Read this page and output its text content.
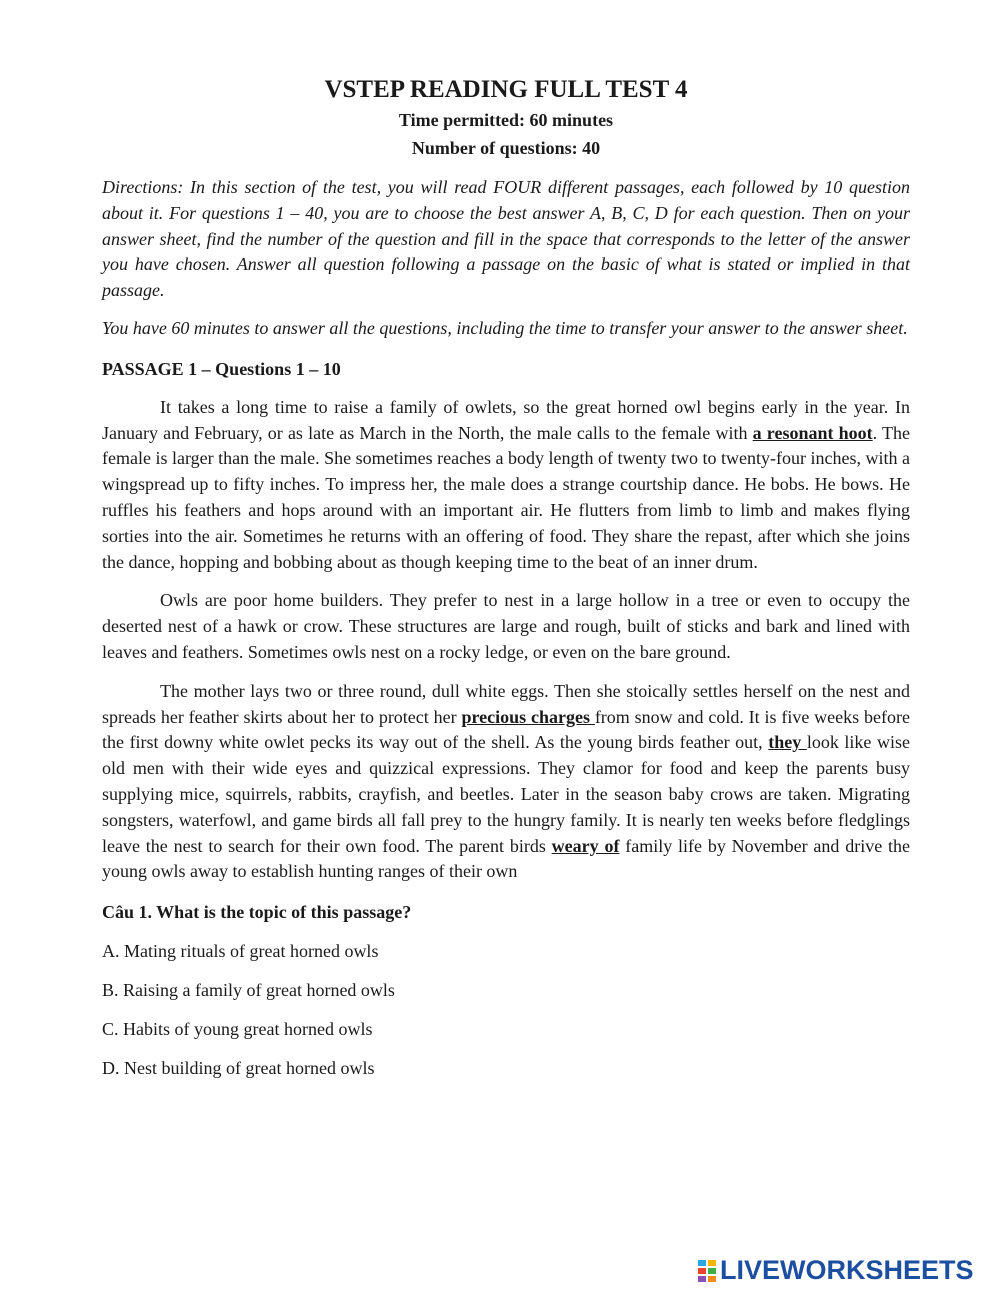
VSTEP READING FULL TEST 4

Time permitted: 60 minutes

Number of questions: 40

Directions: In this section of the test, you will read FOUR different passages, each followed by 10 question about it. For questions 1 – 40, you are to choose the best answer A, B, C, D for each question. Then on your answer sheet, find the number of the question and fill in the space that corresponds to the letter of the answer you have chosen. Answer all question following a passage on the basic of what is stated or implied in that passage.

You have 60 minutes to answer all the questions, including the time to transfer your answer to the answer sheet.

PASSAGE 1 – Questions 1 – 10

It takes a long time to raise a family of owlets, so the great horned owl begins early in the year. In January and February, or as late as March in the North, the male calls to the female with a resonant hoot. The female is larger than the male. She sometimes reaches a body length of twenty two to twenty-four inches, with a wingspread up to fifty inches. To impress her, the male does a strange courtship dance. He bobs. He bows. He ruffles his feathers and hops around with an important air. He flutters from limb to limb and makes flying sorties into the air. Sometimes he returns with an offering of food. They share the repast, after which she joins the dance, hopping and bobbing about as though keeping time to the beat of an inner drum.

Owls are poor home builders. They prefer to nest in a large hollow in a tree or even to occupy the deserted nest of a hawk or crow. These structures are large and rough, built of sticks and bark and lined with leaves and feathers. Sometimes owls nest on a rocky ledge, or even on the bare ground.

The mother lays two or three round, dull white eggs. Then she stoically settles herself on the nest and spreads her feather skirts about her to protect her precious charges from snow and cold. It is five weeks before the first downy white owlet pecks its way out of the shell. As the young birds feather out, they look like wise old men with their wide eyes and quizzical expressions. They clamor for food and keep the parents busy supplying mice, squirrels, rabbits, crayfish, and beetles. Later in the season baby crows are taken. Migrating songsters, waterfowl, and game birds all fall prey to the hungry family. It is nearly ten weeks before fledglings leave the nest to search for their own food. The parent birds weary of family life by November and drive the young owls away to establish hunting ranges of their own

Câu 1. What is the topic of this passage?

A. Mating rituals of great horned owls

B. Raising a family of great horned owls

C. Habits of young great horned owls

D. Nest building of great horned owls

LIVEWORKSHEETS
